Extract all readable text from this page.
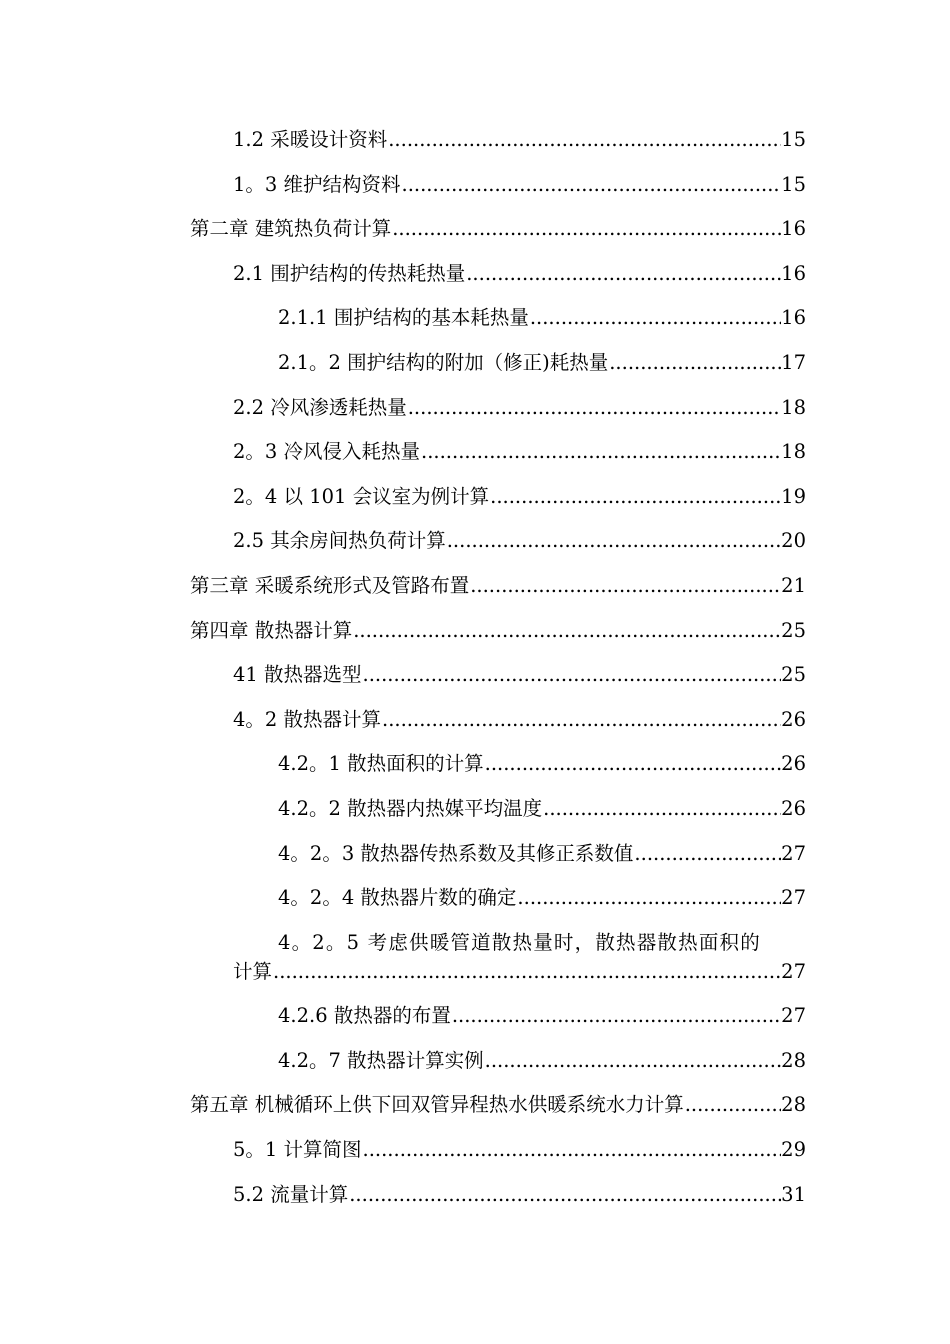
1.2 采暖设计资料 .....	15
1。3 维护结构资料 .....	15
第二章 建筑热负荷计算 .....	16
2.1 围护结构的传热耗热量 .....	16
2.1.1 围护结构的基本耗热量 .....	16
2.1。2 围护结构的附加（修正)耗热量 .....	17
2.2 冷风渗透耗热量 .....	18
2。3 冷风侵入耗热量 .....	18
2。4 以 101 会议室为例计算 .....	19
2.5 其余房间热负荷计算 .....	20
第三章 采暖系统形式及管路布置 .....	21
第四章 散热器计算 .....	25
41 散热器选型 .....	25
4。2 散热器计算 .....	26
4.2。1 散热面积的计算 .....	26
4.2。2 散热器内热媒平均温度 .....	26
4。2。3 散热器传热系数及其修正系数值 .....	27
4。2。4 散热器片数的确定 .....	27
4。2。5 考虑供暖管道散热量时，散热器散热面积的
计算 .....	27
4.2.6 散热器的布置 .....	27
4.2。7 散热器计算实例 .....	28
第五章 机械循环上供下回双管异程热水供暖系统水力计算 .....	28
5。1 计算简图 .....	29
5.2 流量计算 .....	31
